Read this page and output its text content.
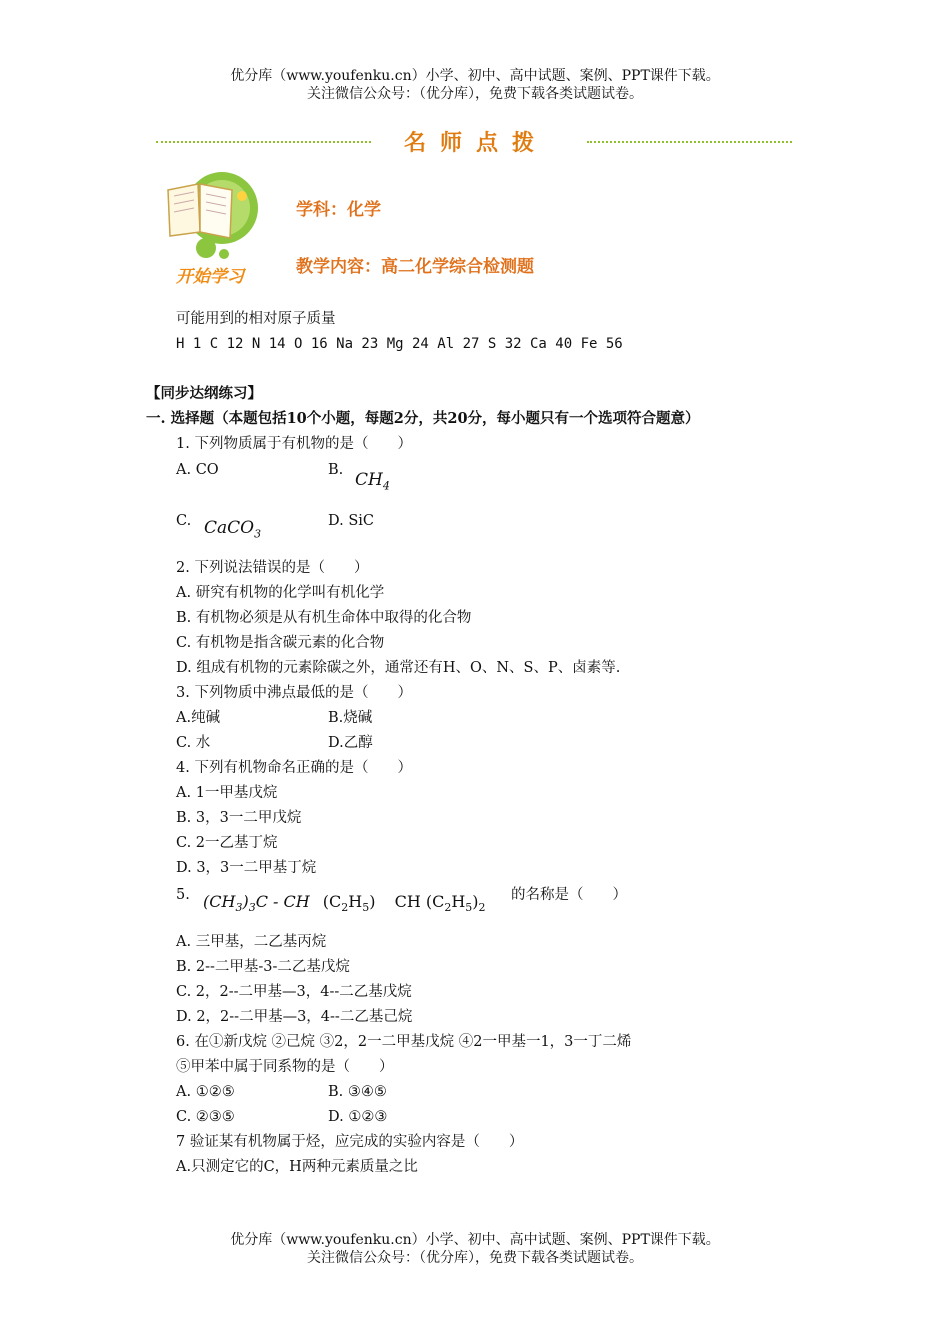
优分库（www.youfenku.cn）小学、初中、高中试题、案例、PPT课件下载。
关注微信公众号：（优分库），免费下载各类试题试卷。
名师点拨
开始学习
学科：化学
教学内容：高二化学综合检测题
可能用到的相对原子质量
H 1 C 12 N 14 O 16 Na 23 Mg 24 Al 27 S 32 Ca 40 Fe 56
【同步达纲练习】
一. 选择题（本题包括10个小题，每题2分，共20分，每小题只有一个选项符合题意）
1. 下列物质属于有机物的是（　　）
A. CO	B. $CH_4$
C. CaCO$_3$
D. SiC
2. 下列说法错误的是（　　）
A. 研究有机物的化学叫有机化学
B. 有机物必须是从有机生命体中取得的化合物
C. 有机物是指含碳元素的化合物
D. 组成有机物的元素除碳之外，通常还有H、O、N、S、P、卤素等.
3. 下列物质中沸点最低的是（　　）
A.纯碱	B.烧碱
C. 水	D.乙醇
4. 下列有机物命名正确的是（　　）
A. 1一甲基戊烷
B. 3，3一二甲戊烷
C. 2一乙基丁烷
D. 3，3一二甲基丁烷
5. $(CH_3)_3C$ - CH $(C_2H_5)$ CH $(C_2H_5)_2$
的名称是（　　）
A. 三甲基，二乙基丙烷
B. 2--二甲基-3-二乙基戊烷
C. 2，2--二甲基—3，4--二乙基戊烷
D. 2，2--二甲基—3，4--二乙基己烷
6. 在①新戊烷 ②己烷 ③2，2一二甲基戊烷 ④2一甲基一1，3一丁二烯
⑤甲苯中属于同系物的是（　　）
A. ①②⑤	B. ③④⑤
C. ②③⑤	D. ①②③
7 验证某有机物属于烃，应完成的实验内容是（　　）
A.只测定它的C，H两种元素质量之比
优分库（www.youfenku.cn）小学、初中、高中试题、案例、PPT课件下载。
关注微信公众号：（优分库），免费下载各类试题试卷。
